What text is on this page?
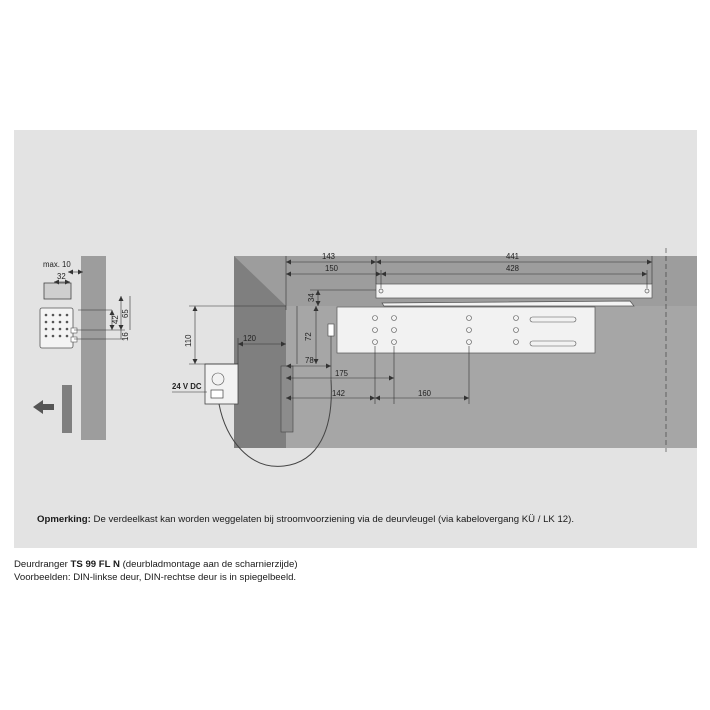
max. 10
32
42
65
16
143	441
150	428
34
72
110	120
78
175
142	160
24 V DC
Opmerking: De verdeelkast kan worden weggelaten bij stroomvoorziening via de deurvleugel (via kabelovergang KÜ / LK 12).
Deurdranger TS 99 FL N (deurbladmontage aan de scharnierzijde)
Voorbeelden: DIN-linkse deur, DIN-rechtse deur is in spiegelbeeld.
